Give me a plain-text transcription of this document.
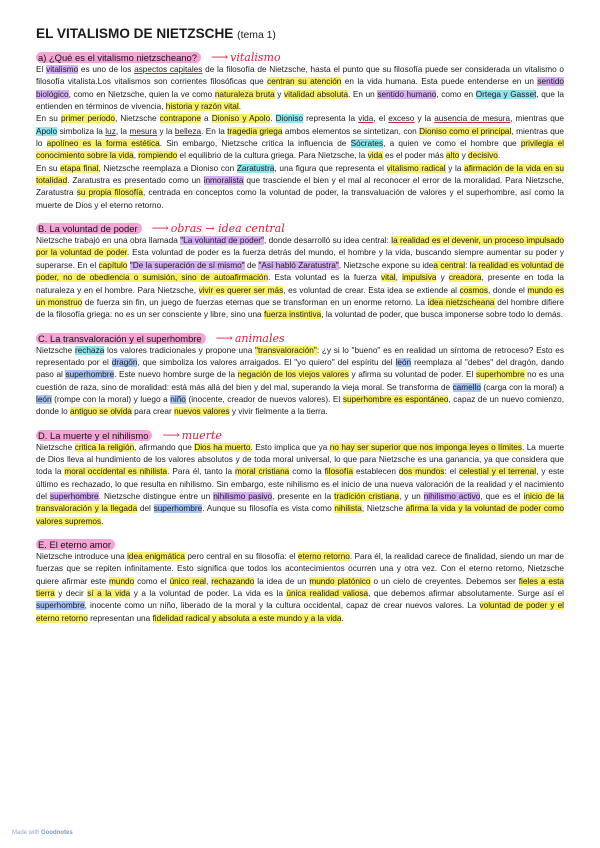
EL VITALISMO DE NIETZSCHE (tema 1)
a) ¿Qué es el vitalismo nietzscheano? ⟶ vitalismo

El vitalismo es uno de los aspectos capitales de la filosofía de Nietzsche, hasta el punto que su filosofía puede ser considerada un vitalismo o filosofía vitalista.Los vitalismos son corrientes filosóficas que centran su atención en la vida humana. Esta puede entenderse en un sentido biológico, como en Nietzsche, quien la ve como naturaleza bruta y vitalidad absoluta. En un sentido humano, como en Ortega y Gasset, que la entienden en términos de vivencia, historia y razón vital.

En su primer periodo, Nietzsche contrapone a Dioniso y Apolo. Dioniso representa la vida, el exceso y la ausencia de mesura, mientras que Apolo simboliza la luz, la mesura y la belleza. En la tragedia griega ambos elementos se sintetizan, con Dioniso como el principal, mientras que lo apolíneo es la forma estética. Sin embargo, Nietzsche critica la influencia de Sócrates, a quien ve como el hombre que privilegia el conocimiento sobre la vida, rompiendo el equilibrio de la cultura griega. Para Nietzsche, la vida es el poder más alto y decisivo.

En su etapa final, Nietzsche reemplaza a Dioniso con Zaratustra, una figura que representa el vitalismo radical y la afirmación de la vida en su totalidad. Zaratustra es presentado como un inmoralista que trasciende el bien y el mal al reconocer el error de la moralidad. Para Nietzsche, Zaratustra su propia filosofía, centrada en conceptos como la voluntad de poder, la transvaluación de valores y el superhombre, así como la muerte de Dios y el eterno retorno.

B. La voluntad de poder ⟶ obras → idea central

Nietzsche trabajó en una obra llamada "La voluntad de poder", donde desarrolló su idea central: la realidad es el devenir, un proceso impulsado por la voluntad de poder. Esta voluntad de poder es la fuerza detrás del mundo, el hombre y la vida, buscando siempre aumentar su poder y superarse. En el capítulo "De la superación de sí mismo" de "Así habló Zaratustra", Nietzsche expone su idea central: la realidad es voluntad de poder, no de obediencia o sumisión, sino de autoafirmación. Esta voluntad es la fuerza vital, impulsiva y creadora, presente en toda la naturaleza y en el hombre. Para Nietzsche, vivir es querer ser más, es voluntad de crear. Esta idea se extiende al cosmos, donde el mundo es un monstruo de fuerza sin fin, un juego de fuerzas eternas que se transforman en un enorme retorno. La idea nietzscheana del hombre difiere de la filosofía griega: no es un ser consciente y libre, sino una fuerza instintiva, la voluntad de poder, que busca imponerse sobre todo lo demás.

C. La transvaloración y el superhombre ⟶ animales

Nietzsche rechaza los valores tradicionales y propone una "transvaloración": ¿y si lo "bueno" es en realidad un síntoma de retroceso? Esto es representado por el dragón, que simboliza los valores arraigados. El "yo quiero" del espíritu del león reemplaza al "debes" del dragón, dando paso al superhombre. Este nuevo hombre surge de la negación de los viejos valores y afirma su voluntad de poder. El superhombre no es una cuestión de raza, sino de moralidad: está más allá del bien y del mal, superando la vieja moral. Se transforma de camello (carga con la moral) a león (rompe con la moral) y luego a niño (inocente, creador de nuevos valores). El superhombre es espontáneo, capaz de un nuevo comienzo, donde lo antiguo se olvida para crear nuevos valores y vivir fielmente a la tierra.

D. La muerte y el nihilismo ⟶ muerte

Nietzsche critica la religión, afirmando que Dios ha muerto. Esto implica que ya no hay ser superior que nos imponga leyes o límites. La muerte de Dios lleva al hundimiento de los valores absolutos y de toda moral universal, lo que para Nietzsche es una ganancia, ya que considera que toda la moral occidental es nihilista. Para él, tanto la moral cristiana como la filosofía establecen dos mundos: el celestial y el terrenal, y este último es rechazado, lo que resulta en nihilismo. Sin embargo, este nihilismo es el inicio de una nueva valoración de la realidad y el nacimiento del superhombre. Nietzsche distingue entre un nihilismo pasivo, presente en la tradición cristiana, y un nihilismo activo, que es el inicio de la transvaloración y la llegada del superhombre. Aunque su filosofía es vista como nihilista, Nietzsche afirma la vida y la voluntad de poder como valores supremos.

E. El eterno amor

Nietzsche introduce una idea enigmática pero central en su filosofía: el eterno retorno. Para él, la realidad carece de finalidad, siendo un mar de fuerzas que se repiten infinitamente. Esto significa que todos los acontecimientos ocurren una y otra vez. Con el eterno retorno, Nietzsche quiere afirmar este mundo como el único real, rechazando la idea de un mundo platónico o un cielo de creyentes. Debemos ser fieles a esta tierra y decir sí a la vida y a la voluntad de poder. La vida es la única realidad valiosa, que debemos afirmar absolutamente. Surge así el superhombre, inocente como un niño, liberado de la moral y la cultura occidental, capaz de crear nuevos valores. La voluntad de poder y el eterno retorno representan una fidelidad radical y absoluta a este mundo y a la vida.

Made with Goodnotes
